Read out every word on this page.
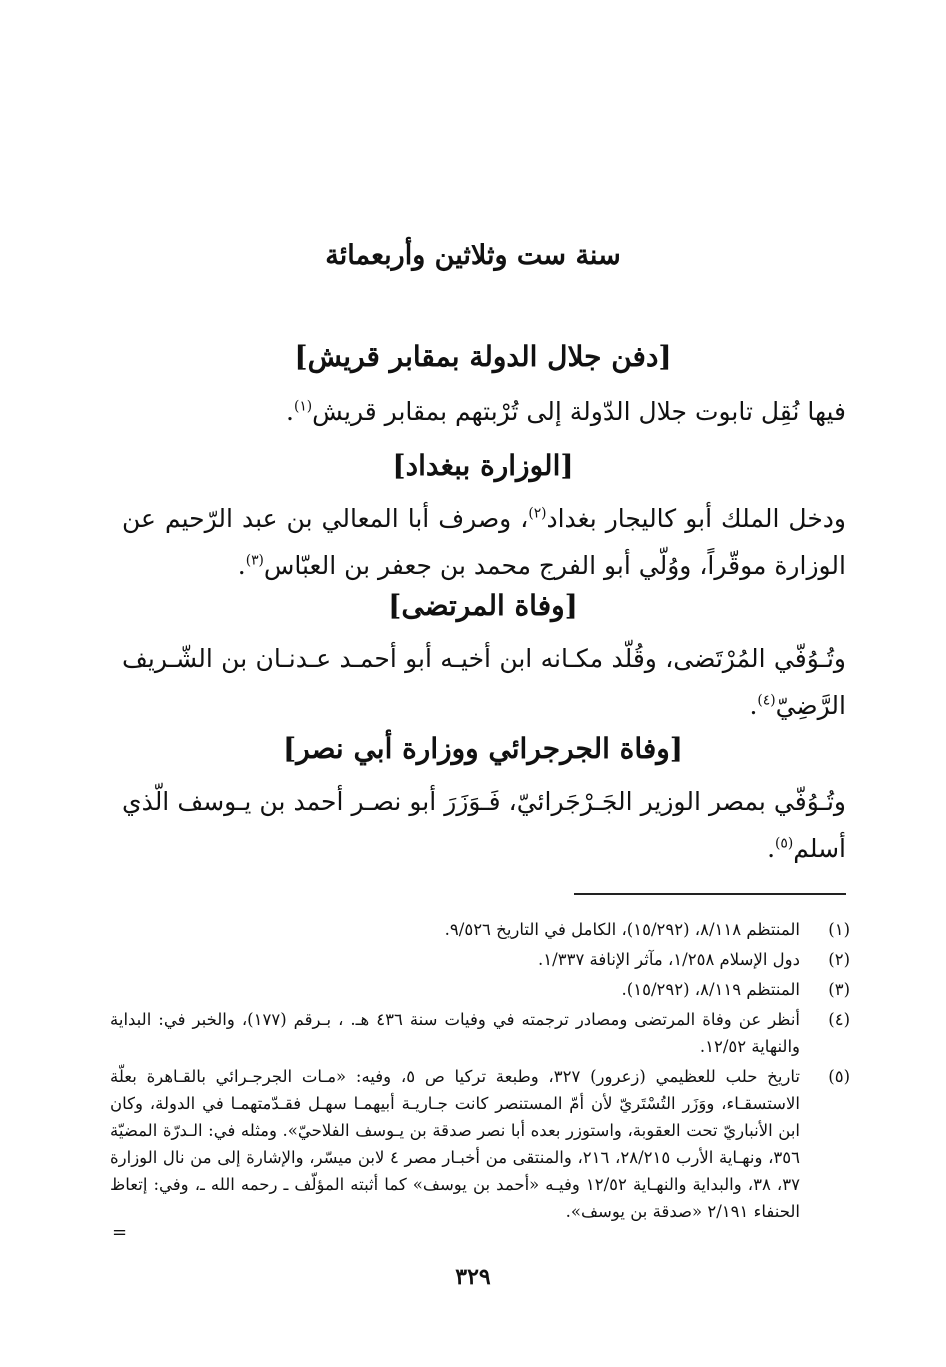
سنة ست وثلاثين وأربعمائة
[دفن جلال الدولة بمقابر قريش]
فيها نُقِل تابوت جلال الدّولة إلى تُرْبتهم بمقابر قريش$^{(١)}$.
[الوزارة ببغداد]
ودخل الملك أبو كاليجار بغداد$^{(٢)}$، وصرف أبا المعالي بن عبد الرّحيم عن الوزارة موقّراً، ووُلّي أبو الفرج محمد بن جعفر بن العبّاس$^{(٣)}$.
[وفاة المرتضى]
وتُـوُفّي المُرْتَضى، وقُلّد مكـانه ابن أخيـه أبو أحمـد عـدنـان بن الشّـريف الرَّضِيّ$^{(٤)}$.
[وفاة الجرجرائي ووزارة أبي نصر]
وتُـوُفّي بمصر الوزير الجَـرْجَرائيّ، فَـوَزَرَ أبو نصـر أحمد بن يـوسف الّذي أسلم$^{(٥)}$.
(١)
المنتظم ٨/١١٨، (١٥/٢٩٢)، الكامل في التاريخ ٩/٥٢٦.
(٢)
دول الإسلام ١/٢٥٨، مآثر الإنافة ١/٣٣٧.
(٣)
المنتظم ٨/١١٩، (١٥/٢٩٢).
(٤)
أنظر عن وفاة المرتضى ومصادر ترجمته في وفيات سنة ٤٣٦ هـ. ، بـرقم (١٧٧)، والخبر في: البداية والنهاية ١٢/٥٢.
(٥)
تاريخ حلب للعظيمي (زعرور) ٣٢٧، وطبعة تركيا ص ٥، وفيه: «مـات الجرجـرائي بالقـاهرة بعلّة الاستسقـاء، ووَزَر التُسْتَريّ لأن أمّ المستنصر كانت جـاريـة أبيهمـا سهـل فقـدّمتهمـا في الدولة، وكان ابن الأنباريّ تحت العقوبة، واستوزر بعده أبا نصر صدقة بن يـوسف الفلاحيّ». ومثله في: الـدرّة المضيّة ٣٥٦، ونهـاية الأرب ٢٨/٢١٥، ٢١٦، والمنتقى من أخبـار مصر ٤ لابن ميسّر، والإشارة إلى من نال الوزارة ٣٧، ٣٨، والبداية والنهـاية ١٢/٥٢ وفيـه «أحمد بن يوسف» كما أثبته المؤلّف ـ رحمه الله ـ، وفي: إتعاظ الحنفاء ٢/١٩١ «صدقة بن يوسف».
=
٣٢٩
